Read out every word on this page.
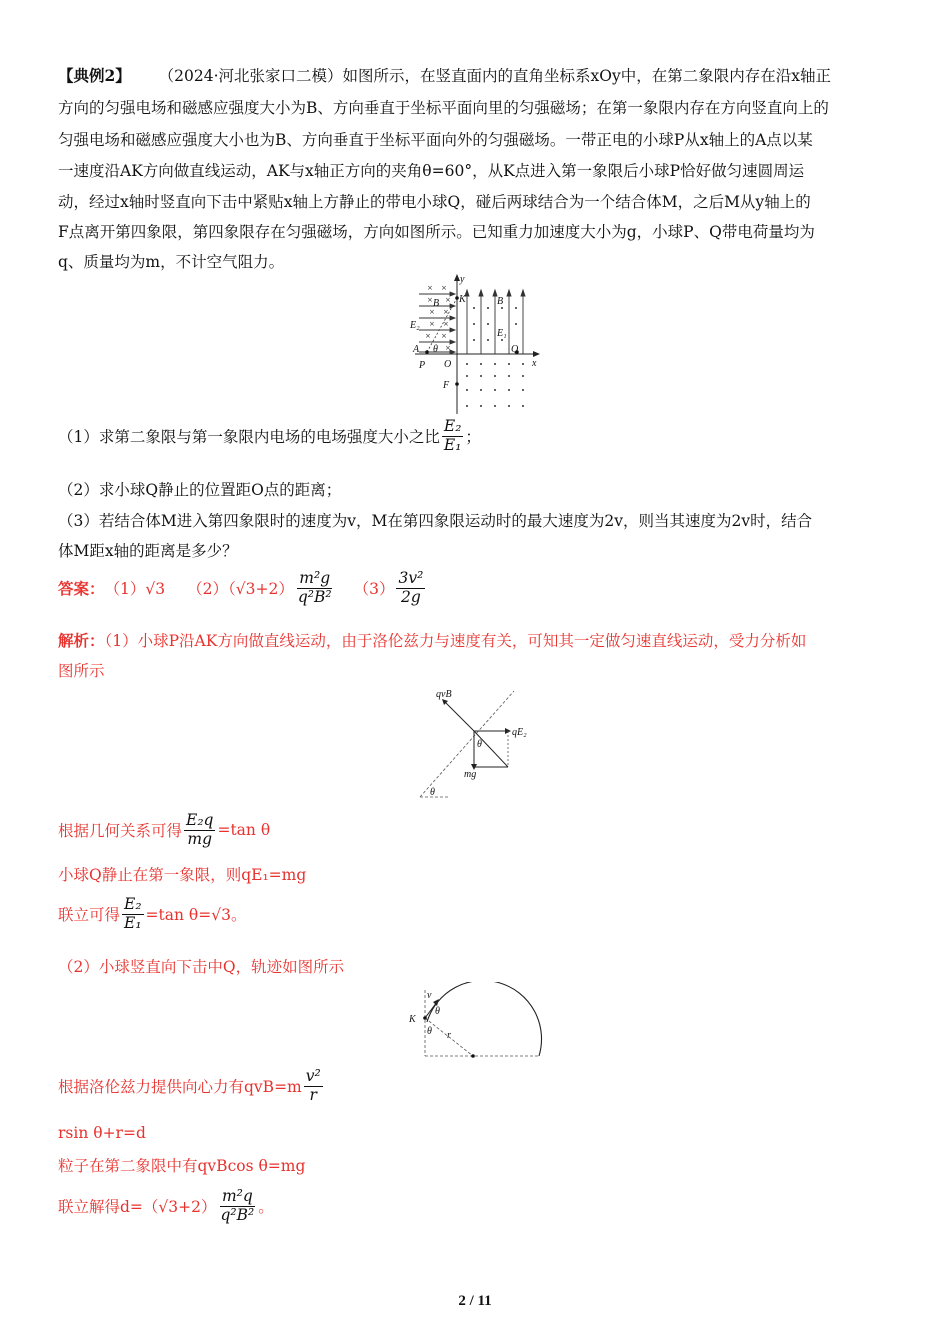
【典例2】 （2024·河北张家口二模）如图所示，在竖直面内的直角坐标系xOy中，在第二象限内存在沿x轴正
方向的匀强电场和磁感应强度大小为B、方向垂直于坐标平面向里的匀强磁场；在第一象限内存在方向竖直向上的
匀强电场和磁感应强度大小也为B、方向垂直于坐标平面向外的匀强磁场。一带正电的小球P从x轴上的A点以某
一速度沿AK方向做直线运动，AK与x轴正方向的夹角θ=60°，从K点进入第一象限后小球P恰好做匀速圆周运
动，经过x轴时竖直向下击中紧贴x轴上方静止的带电小球Q，碰后两球结合为一个结合体M，之后M从y轴上的
F点离开第四象限，第四象限存在匀强磁场，方向如图所示。已知重力加速度大小为g，小球P、Q带电荷量均为
q、质量均为m，不计空气阻力。
× ×
× ×
× ×
× ×
× ×
×
y
K	B
E₁
Q
x
O
A
P
E₂
B
θ
F
（1）求第二象限与第一象限内电场的电场强度大小之比 $\frac{\text{E₂}}{\text{E₁}}$ ；
（2）求小球Q静止的位置距O点的距离；
（3）若结合体M进入第四象限时的速度为v，M在第四象限运动时的最大速度为2v，则当其速度为2v时，结合
体M距x轴的距离是多少？
答案： （1）√3 $(2)(√3+2) \frac{\text{m²g}}{\text{q²B²}} (3) \frac{\text{3v²}}{2g}$
解析：（1）小球P沿AK方向做直线运动，由于洛伦兹力与速度有关，可知其一定做匀速直线运动，受力分析如
图所示
qvB
qE₂
θ
mg
θ
根据几何关系可得 $\frac{\text{E₂q}}{mg} =\tan$ θ
小球Q静止在第一象限，则qE₁=mg
联立可得 $\frac{\text{E₂}}{\text{E₁}} =\tan$ θ=√3。
（2）小球竖直向下击中Q，轨迹如图所示
v
θ
K
θ r
根据洛伦兹力提供向心力有$qvB=m \frac{\text{v²}}{r}$
rsin θ+r=d
粒子在第二象限中有qvBcos θ=mg
联立解得$d=(√3+2) \frac{\text{m²q}}{\text{q²B²}}$ 。
2 / 11
